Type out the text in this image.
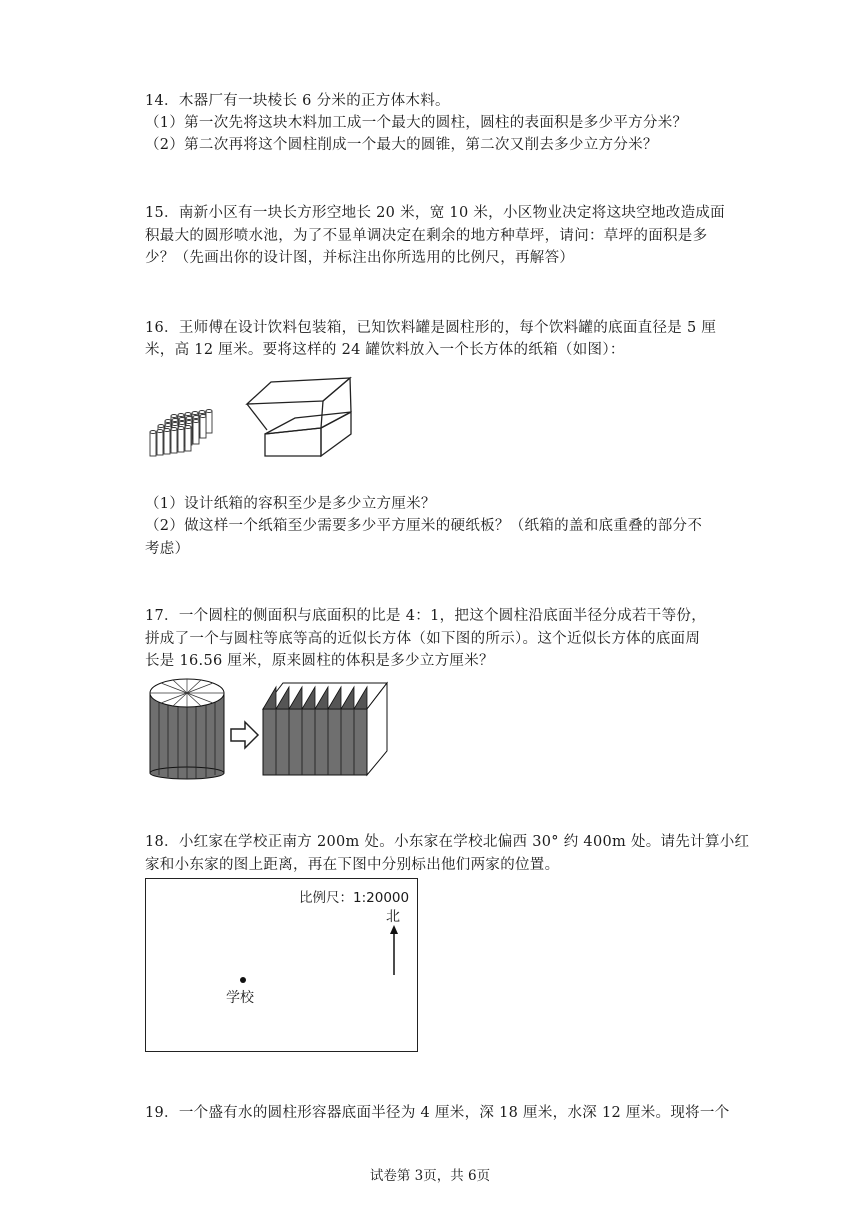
14．木器厂有一块棱长 6 分米的正方体木料。
（1）第一次先将这块木料加工成一个最大的圆柱，圆柱的表面积是多少平方分米？
（2）第二次再将这个圆柱削成一个最大的圆锥，第二次又削去多少立方分米？
15．南新小区有一块长方形空地长 20 米，宽 10 米，小区物业决定将这块空地改造成面
积最大的圆形喷水池，为了不显单调决定在剩余的地方种草坪，请问：草坪的面积是多
少？（先画出你的设计图，并标注出你所选用的比例尺，再解答）
16．王师傅在设计饮料包装箱，已知饮料罐是圆柱形的，每个饮料罐的底面直径是 5 厘
米，高 12 厘米。要将这样的 24 罐饮料放入一个长方体的纸箱（如图）：
（1）设计纸箱的容积至少是多少立方厘米？
（2）做这样一个纸箱至少需要多少平方厘米的硬纸板？（纸箱的盖和底重叠的部分不
考虑）
17．一个圆柱的侧面积与底面积的比是 4：1，把这个圆柱沿底面半径分成若干等份，
拼成了一个与圆柱等底等高的近似长方体（如下图的所示）。这个近似长方体的底面周
长是 16.56 厘米，原来圆柱的体积是多少立方厘米？
18．小红家在学校正南方 200m 处。小东家在学校北偏西 30° 约 400m 处。请先计算小红
家和小东家的图上距离，再在下图中分别标出他们两家的位置。
比例尺：1:20000
北
学校
19．一个盛有水的圆柱形容器底面半径为 4 厘米，深 18 厘米，水深 12 厘米。现将一个
试卷第 3页，共 6页
